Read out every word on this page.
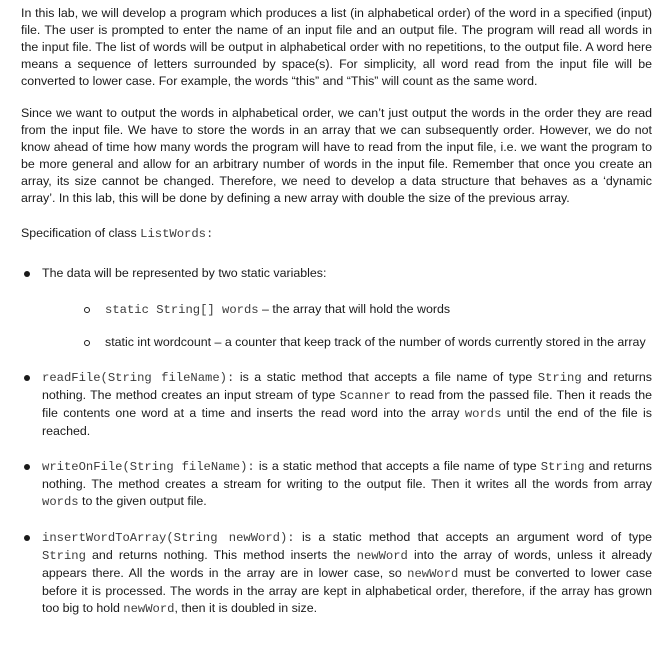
In this lab, we will develop a program which produces a list (in alphabetical order) of the word in a specified (input) file. The user is prompted to enter the name of an input file and an output file. The program will read all words in the input file. The list of words will be output in alphabetical order with no repetitions, to the output file. A word here means a sequence of letters surrounded by space(s). For simplicity, all word read from the input file will be converted to lower case. For example, the words “this” and “This” will count as the same word.

Since we want to output the words in alphabetical order, we can’t just output the words in the order they are read from the input file. We have to store the words in an array that we can subsequently order. However, we do not know ahead of time how many words the program will have to read from the input file, i.e. we want the program to be more general and allow for an arbitrary number of words in the input file. Remember that once you create an array, its size cannot be changed. Therefore, we need to develop a data structure that behaves as a ‘dynamic array’. In this lab, this will be done by defining a new array with double the size of the previous array.

Specification of class ListWords:

The data will be represented by two static variables:
static String[] words – the array that will hold the words
static int wordcount – a counter that keep track of the number of words currently stored in the array
readFile(String fileName): is a static method that accepts a file name of type String and returns nothing. The method creates an input stream of type Scanner to read from the passed file. Then it reads the file contents one word at a time and inserts the read word into the array words until the end of the file is reached.
writeOnFile(String fileName): is a static method that accepts a file name of type String and returns nothing. The method creates a stream for writing to the output file. Then it writes all the words from array words to the given output file.
insertWordToArray(String newWord): is a static method that accepts an argument word of type String and returns nothing. This method inserts the newWord into the array of words, unless it already appears there. All the words in the array are in lower case, so newWord must be converted to lower case before it is processed. The words in the array are kept in alphabetical order, therefore, if the array has grown too big to hold newWord, then it is doubled in size.
